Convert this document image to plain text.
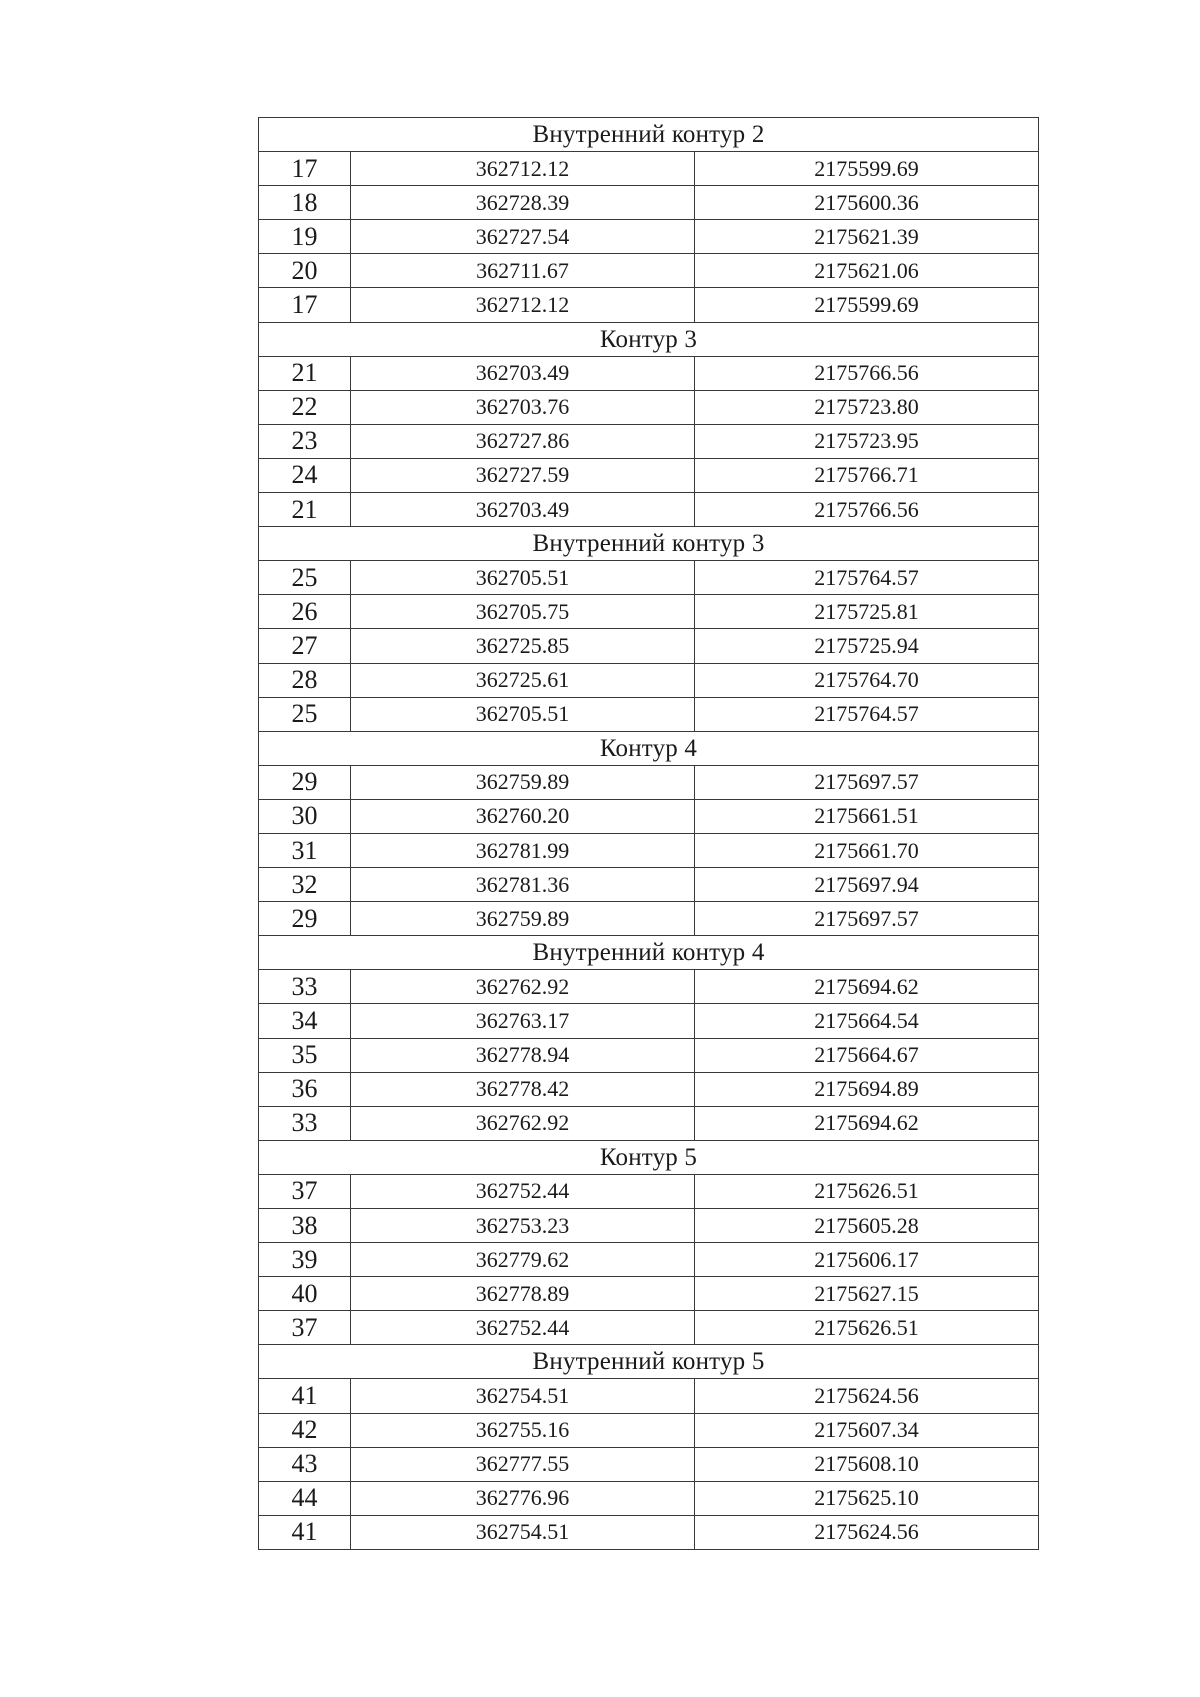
Внутренний контур 2		
17	362712.12	2175599.69
18	362728.39	2175600.36
19	362727.54	2175621.39
20	362711.67	2175621.06
17	362712.12	2175599.69
Контур 3		
21	362703.49	2175766.56
22	362703.76	2175723.80
23	362727.86	2175723.95
24	362727.59	2175766.71
21	362703.49	2175766.56
Внутренний контур 3		
25	362705.51	2175764.57
26	362705.75	2175725.81
27	362725.85	2175725.94
28	362725.61	2175764.70
25	362705.51	2175764.57
Контур 4		
29	362759.89	2175697.57
30	362760.20	2175661.51
31	362781.99	2175661.70
32	362781.36	2175697.94
29	362759.89	2175697.57
Внутренний контур 4		
33	362762.92	2175694.62
34	362763.17	2175664.54
35	362778.94	2175664.67
36	362778.42	2175694.89
33	362762.92	2175694.62
Контур 5		
37	362752.44	2175626.51
38	362753.23	2175605.28
39	362779.62	2175606.17
40	362778.89	2175627.15
37	362752.44	2175626.51
Внутренний контур 5		
41	362754.51	2175624.56
42	362755.16	2175607.34
43	362777.55	2175608.10
44	362776.96	2175625.10
41	362754.51	2175624.56
